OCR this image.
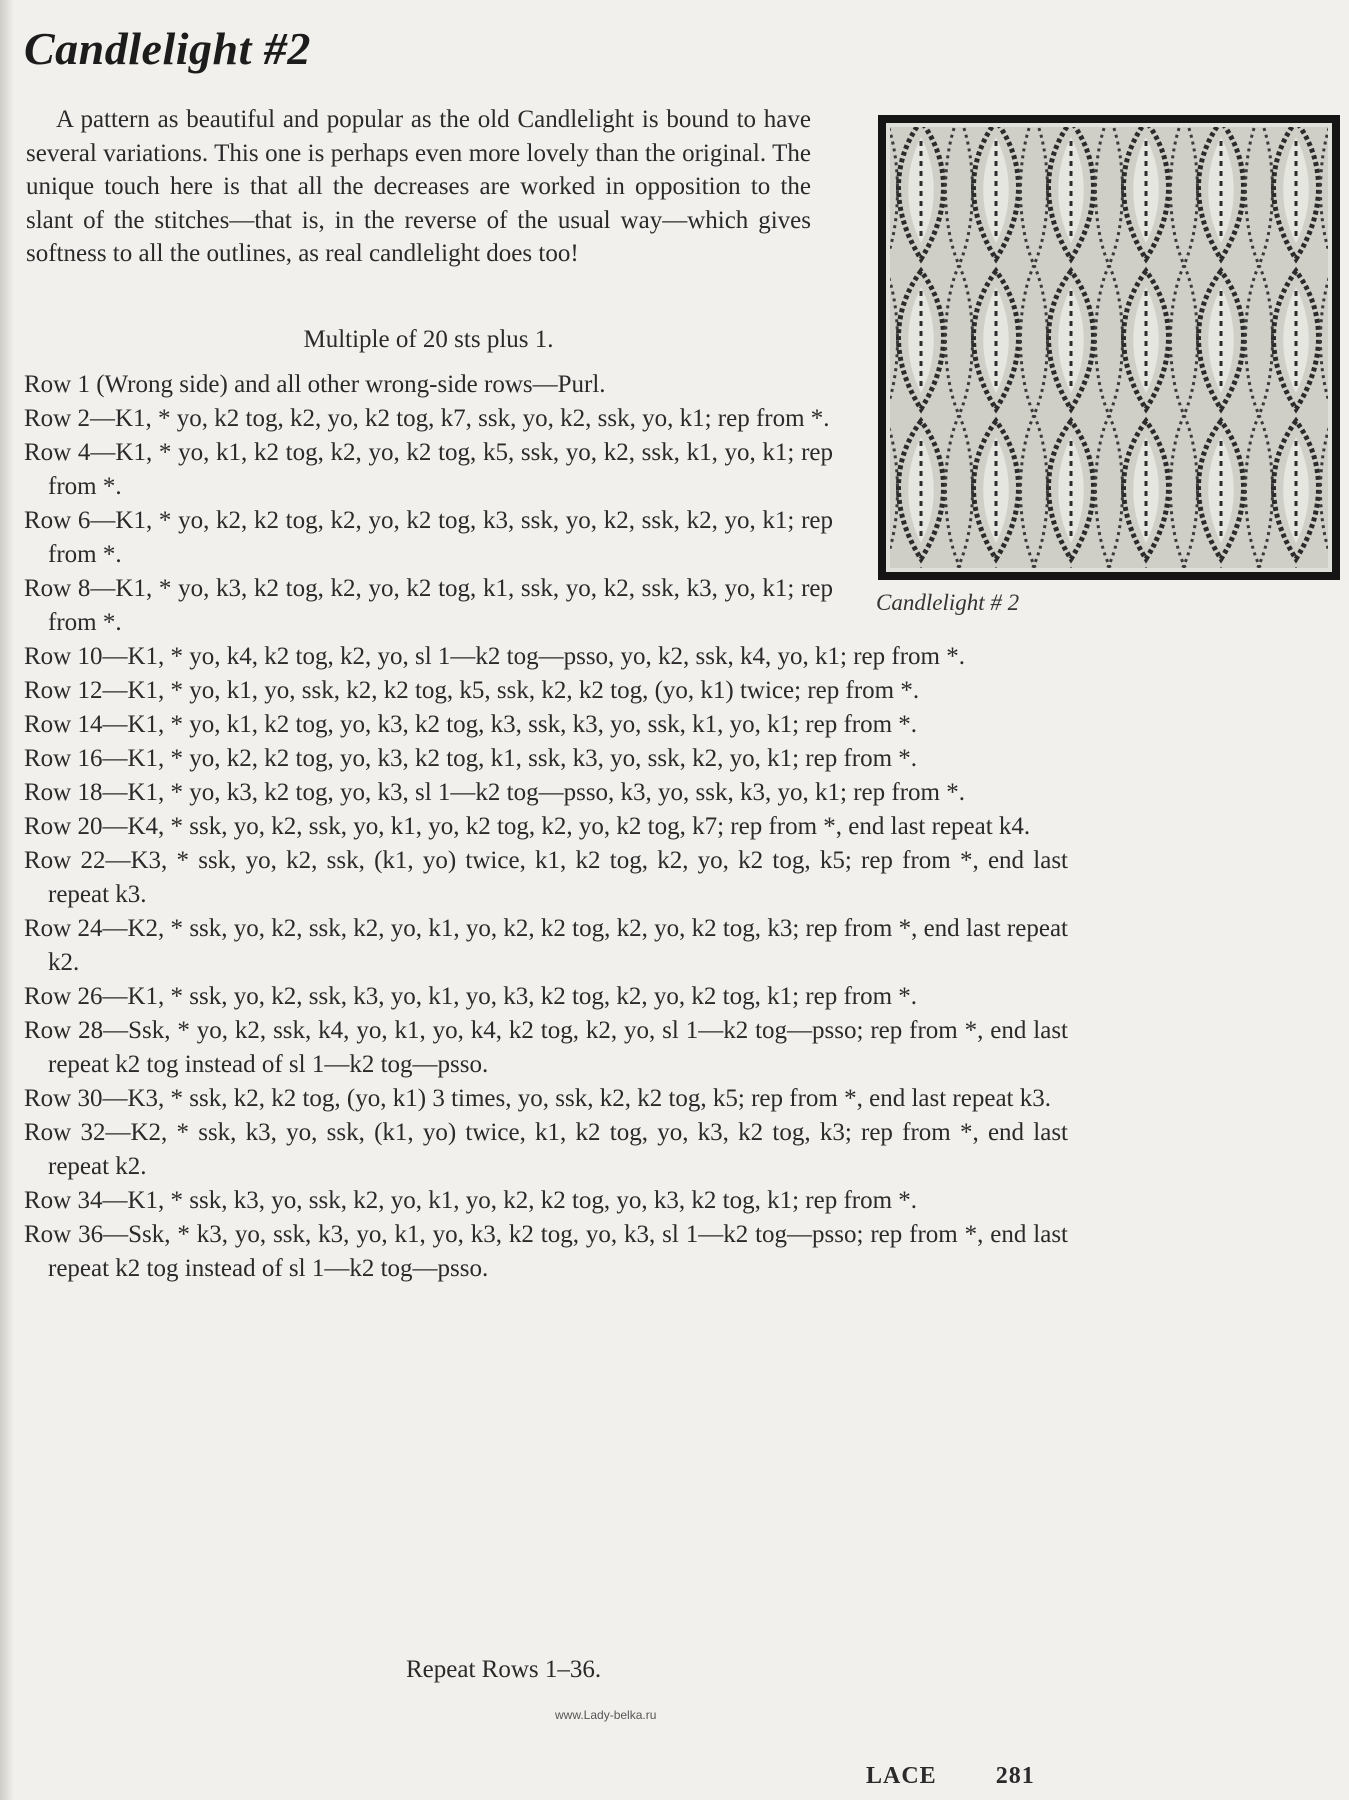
Candlelight #2

A pattern as beautiful and popular as the old Candlelight is bound to have several variations. This one is perhaps even more lovely than the original. The unique touch here is that all the decreases are worked in opposition to the slant of the stitches—that is, in the reverse of the usual way—which gives softness to all the outlines, as real candlelight does too!

Multiple of 20 sts plus 1.
Candlelight # 2

Row 1 (Wrong side) and all other wrong-side rows—Purl.

Row 2—K1, * yo, k2 tog, k2, yo, k2 tog, k7, ssk, yo, k2, ssk, yo, k1; rep from *.

Row 4—K1, * yo, k1, k2 tog, k2, yo, k2 tog, k5, ssk, yo, k2, ssk, k1, yo, k1; rep from *.

Row 6—K1, * yo, k2, k2 tog, k2, yo, k2 tog, k3, ssk, yo, k2, ssk, k2, yo, k1; rep from *.

Row 8—K1, * yo, k3, k2 tog, k2, yo, k2 tog, k1, ssk, yo, k2, ssk, k3, yo, k1; rep from *.

Row 10—K1, * yo, k4, k2 tog, k2, yo, sl 1—k2 tog—psso, yo, k2, ssk, k4, yo, k1; rep from *.

Row 12—K1, * yo, k1, yo, ssk, k2, k2 tog, k5, ssk, k2, k2 tog, (yo, k1) twice; rep from *.

Row 14—K1, * yo, k1, k2 tog, yo, k3, k2 tog, k3, ssk, k3, yo, ssk, k1, yo, k1; rep from *.

Row 16—K1, * yo, k2, k2 tog, yo, k3, k2 tog, k1, ssk, k3, yo, ssk, k2, yo, k1; rep from *.

Row 18—K1, * yo, k3, k2 tog, yo, k3, sl 1—k2 tog—psso, k3, yo, ssk, k3, yo, k1; rep from *.

Row 20—K4, * ssk, yo, k2, ssk, yo, k1, yo, k2 tog, k2, yo, k2 tog, k7; rep from *, end last repeat k4.

Row 22—K3, * ssk, yo, k2, ssk, (k1, yo) twice, k1, k2 tog, k2, yo, k2 tog, k5; rep from *, end last repeat k3.

Row 24—K2, * ssk, yo, k2, ssk, k2, yo, k1, yo, k2, k2 tog, k2, yo, k2 tog, k3; rep from *, end last repeat k2.

Row 26—K1, * ssk, yo, k2, ssk, k3, yo, k1, yo, k3, k2 tog, k2, yo, k2 tog, k1; rep from *.

Row 28—Ssk, * yo, k2, ssk, k4, yo, k1, yo, k4, k2 tog, k2, yo, sl 1—k2 tog—psso; rep from *, end last repeat k2 tog instead of sl 1—k2 tog—psso.

Row 30—K3, * ssk, k2, k2 tog, (yo, k1) 3 times, yo, ssk, k2, k2 tog, k5; rep from *, end last repeat k3.

Row 32—K2, * ssk, k3, yo, ssk, (k1, yo) twice, k1, k2 tog, yo, k3, k2 tog, k3; rep from *, end last repeat k2.

Row 34—K1, * ssk, k3, yo, ssk, k2, yo, k1, yo, k2, k2 tog, yo, k3, k2 tog, k1; rep from *.

Row 36—Ssk, * k3, yo, ssk, k3, yo, k1, yo, k3, k2 tog, yo, k3, sl 1—k2 tog—psso; rep from *, end last repeat k2 tog instead of sl 1—k2 tog—psso.

Repeat Rows 1–36.
www.Lady-belka.ru
LACE 281
